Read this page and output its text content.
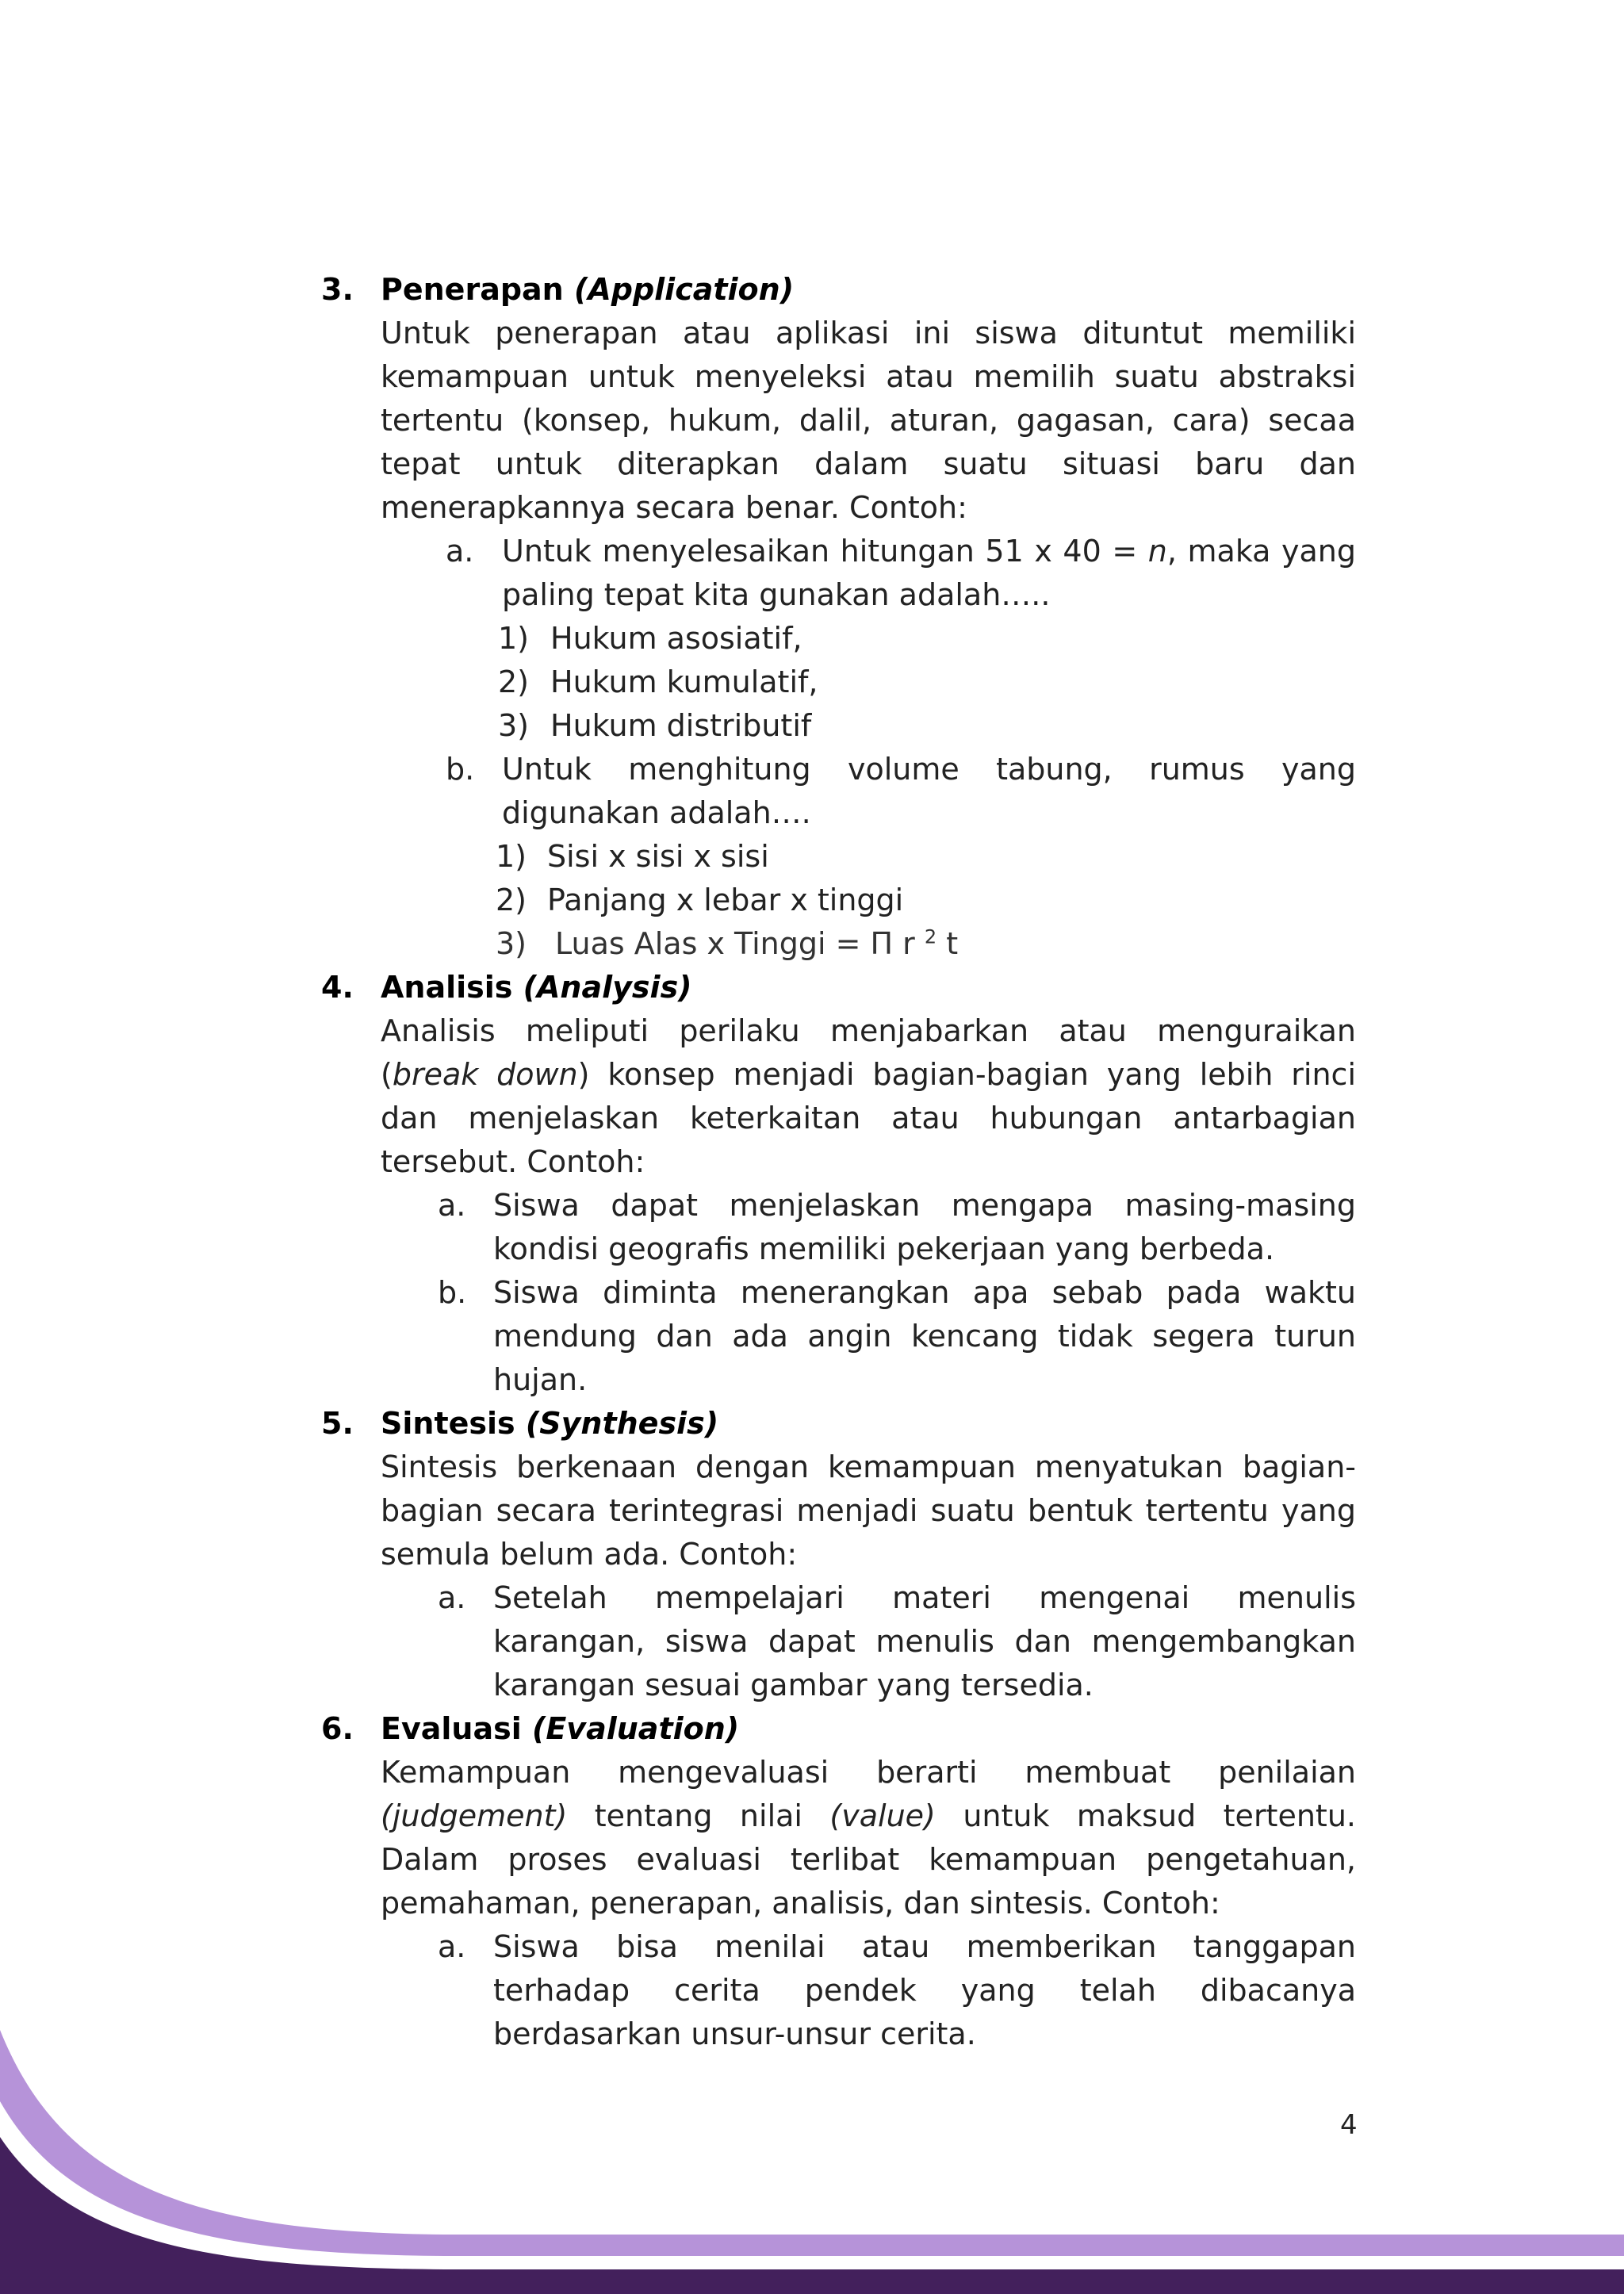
3. Penerapan (Application)

Untuk penerapan atau aplikasi ini siswa dituntut memiliki kemampuan untuk menyeleksi atau memilih suatu abstraksi tertentu (konsep, hukum, dalil, aturan, gagasan, cara) secaa tepat untuk diterapkan dalam suatu situasi baru dan menerapkannya secara benar. Contoh:

a. Untuk menyelesaikan hitungan 51 x 40 = n, maka yang paling tepat kita gunakan adalah…..

1) Hukum asosiatif,
2) Hukum kumulatif,
3) Hukum distributif
b. Untuk menghitung volume tabung, rumus yang digunakan adalah….

1) Sisi x sisi x sisi
2) Panjang x lebar x tinggi
3) Luas Alas x Tinggi = Π r $^2$ t
4. Analisis (Analysis)

Analisis meliputi perilaku menjabarkan atau menguraikan (break down) konsep menjadi bagian-bagian yang lebih rinci dan menjelaskan keterkaitan atau hubungan antarbagian tersebut. Contoh:

a. Siswa dapat menjelaskan mengapa masing-masing kondisi geografis memiliki pekerjaan yang berbeda.

b. Siswa diminta menerangkan apa sebab pada waktu mendung dan ada angin kencang tidak segera turun hujan.

5. Sintesis (Synthesis)

Sintesis berkenaan dengan kemampuan menyatukan bagian-bagian secara terintegrasi menjadi suatu bentuk tertentu yang semula belum ada. Contoh:

a. Setelah mempelajari materi mengenai menulis karangan, siswa dapat menulis dan mengembangkan karangan sesuai gambar yang tersedia.

6. Evaluasi (Evaluation)

Kemampuan mengevaluasi berarti membuat penilaian (judgement) tentang nilai (value) untuk maksud tertentu. Dalam proses evaluasi terlibat kemampuan pengetahuan, pemahaman, penerapan, analisis, dan sintesis. Contoh:

a. Siswa bisa menilai atau memberikan tanggapan terhadap cerita pendek yang telah dibacanya berdasarkan unsur-unsur cerita.

4
